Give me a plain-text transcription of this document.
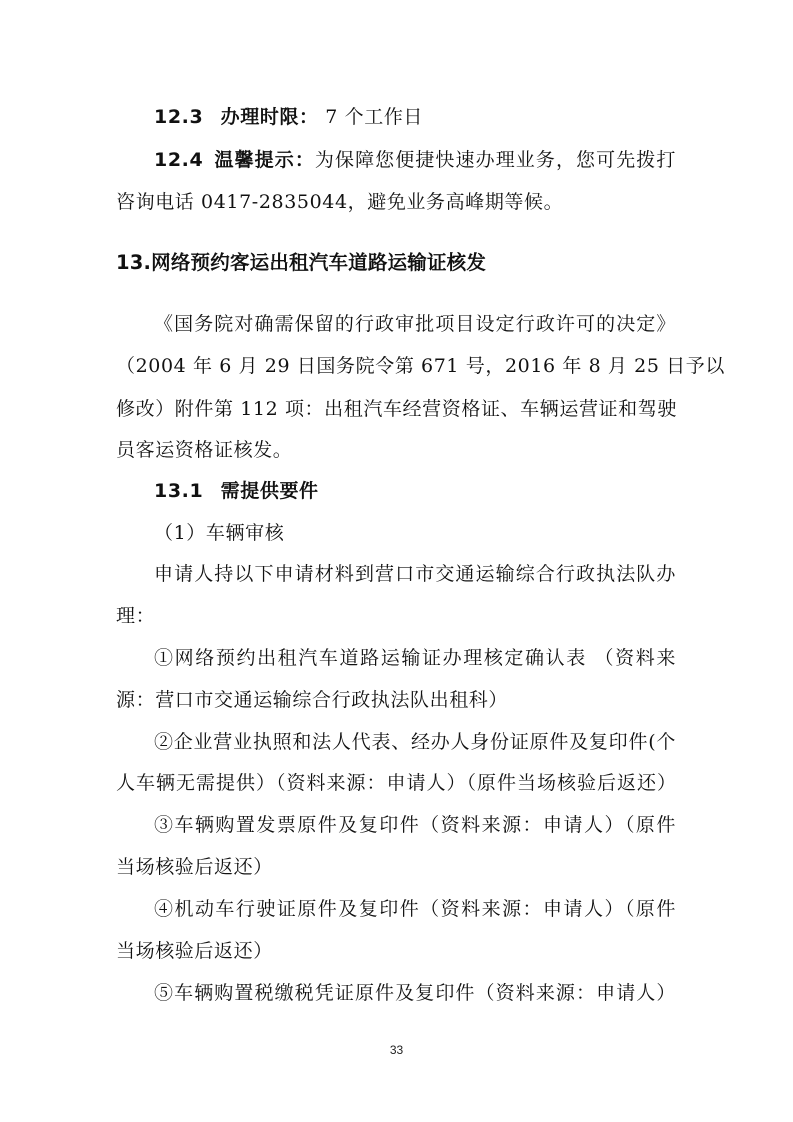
12.3 办理时限： 7 个工作日
12.4 温馨提示：为保障您便捷快速办理业务，您可先拨打
咨询电话 0417-2835044，避免业务高峰期等候。
13.网络预约客运出租汽车道路运输证核发
《国务院对确需保留的行政审批项目设定行政许可的决定》
（2004 年 6 月 29 日国务院令第 671 号，2016 年 8 月 25 日予以
修改）附件第 112 项：出租汽车经营资格证、车辆运营证和驾驶
员客运资格证核发。
13.1 需提供要件
（1）车辆审核
申请人持以下申请材料到营口市交通运输综合行政执法队办
理：
①网络预约出租汽车道路运输证办理核定确认表 （资料来
源：营口市交通运输综合行政执法队出租科）
②企业营业执照和法人代表、经办人身份证原件及复印件(个
人车辆无需提供）（资料来源：申请人）（原件当场核验后返还）
③车辆购置发票原件及复印件（资料来源：申请人）（原件
当场核验后返还）
④机动车行驶证原件及复印件（资料来源：申请人）（原件
当场核验后返还）
⑤车辆购置税缴税凭证原件及复印件（资料来源：申请人）
33
